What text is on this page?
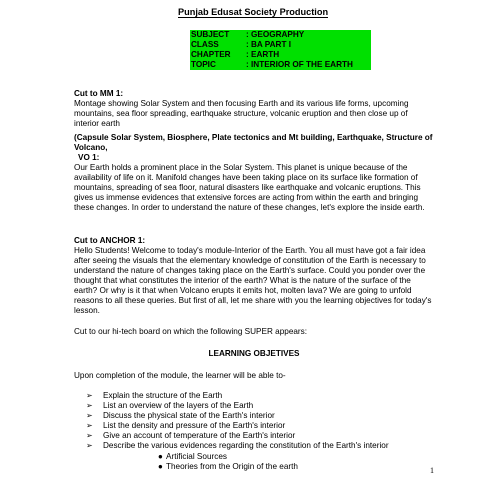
Punjab Edusat Society Production
SUBJECT	: GEOGRAPHY
CLASS	: BA PART I
CHAPTER	: EARTH
TOPIC	: INTERIOR OF THE EARTH
Cut to MM 1:
Montage showing Solar System and then focusing Earth and its various life forms, upcoming mountains, sea floor spreading, earthquake structure, volcanic eruption and then close up of interior earth
(Capsule Solar System, Biosphere, Plate tectonics and Mt building, Earthquake, Structure of Volcano,
VO 1:
Our Earth holds a prominent place in the Solar System. This planet is unique because of the availability of life on it. Manifold changes have been taking place on its surface like formation of mountains, spreading of sea floor, natural disasters like earthquake and volcanic eruptions. This gives us immense evidences that extensive forces are acting from within the earth and bringing these changes. In order to understand the nature of these changes, let's explore the inside earth.
Cut to ANCHOR 1:
Hello Students! Welcome to today's module-Interior of the Earth. You all must have got a fair idea after seeing the visuals that the elementary knowledge of constitution of the Earth is necessary to understand the nature of changes taking place on the Earth's surface. Could you ponder over the thought that what constitutes the interior of the earth? What is the nature of the surface of the earth? Or why is it that when Volcano erupts it emits hot, molten lava? We are going to unfold reasons to all these queries. But first of all, let me share with you the learning objectives for today's lesson.
Cut to our hi-tech board on which the following SUPER appears:
LEARNING OBJETIVES
Upon completion of the module, the learner will be able to-
➢ Explain the structure of the Earth
➢ List an overview of the layers of the Earth
➢ Discuss the physical state of the Earth's interior
➢ List the density and pressure of the Earth's interior
➢ Give an account of temperature of the Earth's interior
➢ Describe the various evidences regarding the constitution of the Earth's interior
● Artificial Sources
● Theories from the Origin of the earth	1
